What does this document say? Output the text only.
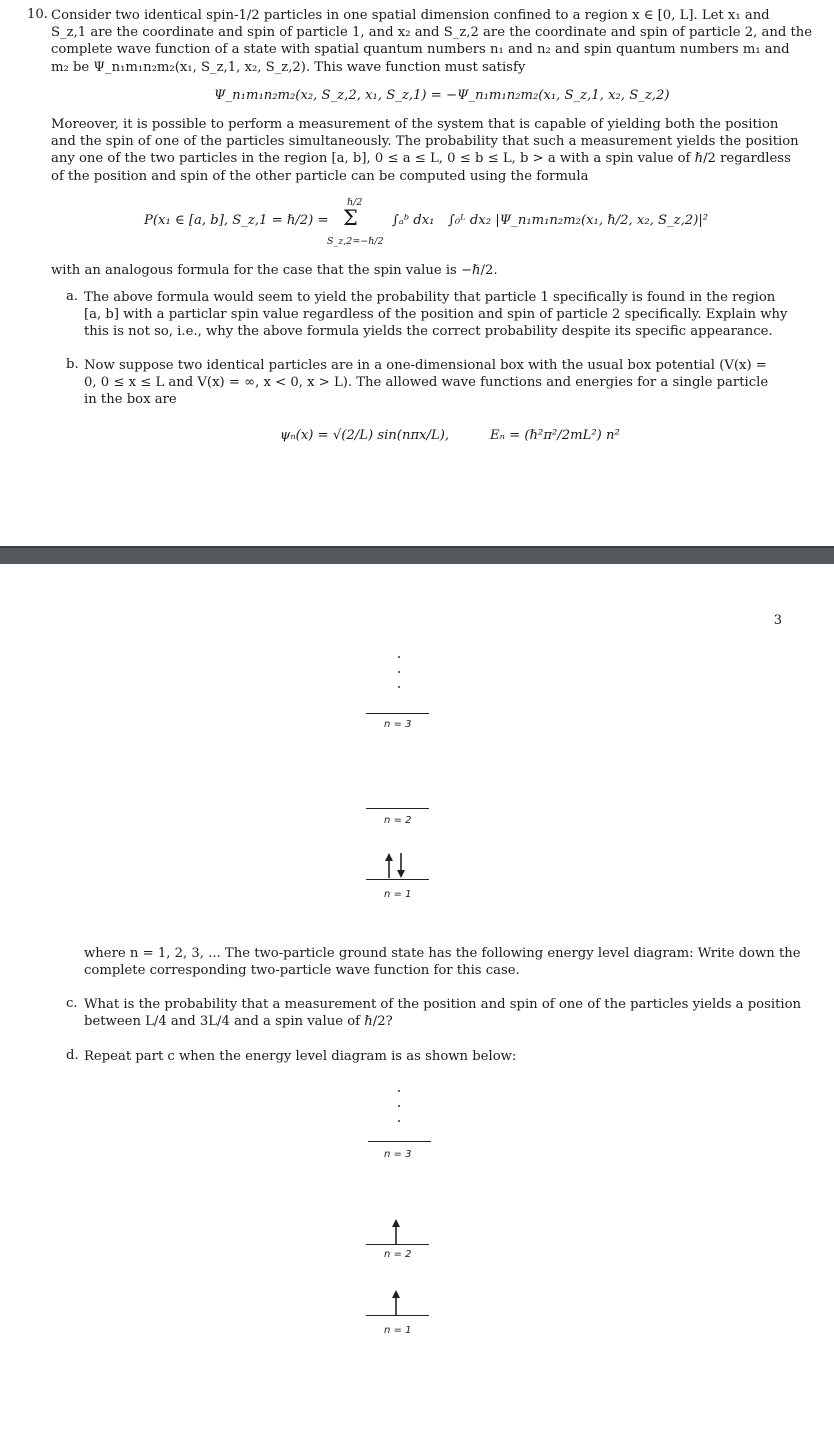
10. Consider two identical spin-1/2 particles in one spatial dimension confined to a region x ∈ [0, L]. Let x₁ and
S_z,1 are the coordinate and spin of particle 1, and x₂ and S_z,2 are the coordinate and spin of particle 2, and the
complete wave function of a state with spatial quantum numbers n₁ and n₂ and spin quantum numbers m₁ and
m₂ be Ψ_n₁m₁n₂m₂(x₁, S_z,1, x₂, S_z,2). This wave function must satisfy
Ψ_n₁m₁n₂m₂(x₂, S_z,2, x₁, S_z,1) = −Ψ_n₁m₁n₂m₂(x₁, S_z,1, x₂, S_z,2)
Moreover, it is possible to perform a measurement of the system that is capable of yielding both the position
and the spin of one of the particles simultaneously. The probability that such a measurement yields the position
any one of the two particles in the region [a, b], 0 ≤ a ≤ L, 0 ≤ b ≤ L, b > a with a spin value of ℏ/2 regardless
of the position and spin of the other particle can be computed using the formula
P(x₁ ∈ [a, b], S_z,1 = ℏ/2) =
ℏ/2
Σ
S_z,2=−ℏ/2
∫ₐᵇ dx₁ ∫₀ᴸ dx₂ |Ψ_n₁m₁n₂m₂(x₁, ℏ/2, x₂, S_z,2)|²
with an analogous formula for the case that the spin value is −ℏ/2.
a. The above formula would seem to yield the probability that particle 1 specifically is found in the region
[a, b] with a particlar spin value regardless of the position and spin of particle 2 specifically. Explain why
this is not so, i.e., why the above formula yields the correct probability despite its specific appearance.
b. Now suppose two identical particles are in a one-dimensional box with the usual box potential (V(x) =
0, 0 ≤ x ≤ L and V(x) = ∞, x < 0, x > L). The allowed wave functions and energies for a single particle
in the box are
ψₙ(x) = √(2/L) sin(nπx/L),	Eₙ = (ℏ²π²/2mL²) n²
3
n = 3
n = 2
n = 1
where n = 1, 2, 3, ... The two-particle ground state has the following energy level diagram: Write down the
complete corresponding two-particle wave function for this case.
c. What is the probability that a measurement of the position and spin of one of the particles yields a position
between L/4 and 3L/4 and a spin value of ℏ/2?
d. Repeat part c when the energy level diagram is as shown below:
n = 3
n = 2
n = 1
